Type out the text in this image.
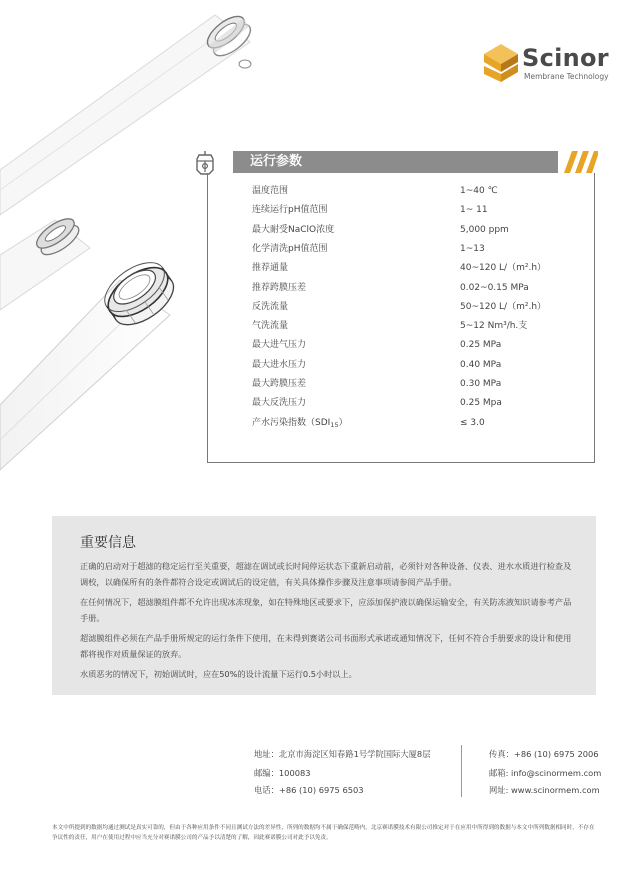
Scinor
Membrane Technology
运行参数
温度范围	1~40 ℃
连续运行pH值范围	1~ 11
最大耐受NaClO浓度	5,000 ppm
化学清洗pH值范围	1~13
推荐通量	40~120 L/（m².h）
推荐跨膜压差	0.02~0.15 MPa
反洗流量	50~120 L/（m².h）
气洗流量	5~12 Nm³/h.支
最大进气压力	0.25 MPa
最大进水压力	0.40 MPa
最大跨膜压差	0.30 MPa
最大反洗压力	0.25 Mpa
产水污染指数$(SDI_{15})$	≤ 3.0
重要信息
正确的启动对于超滤的稳定运行至关重要，超滤在调试或长时间停运状态下重新启动前，必须针对各种设备、仪表、进水水质进行检查及调校，以确保所有的条件都符合设定或调试后的设定值，有关具体操作步骤及注意事项请参阅产品手册。
在任何情况下，超滤膜组件都不允许出现冰冻现象，如在特殊地区或要求下，应添加保护液以确保运输安全，有关防冻液知识请参考产品手册。
超滤膜组件必须在产品手册所规定的运行条件下使用，在未得到赛诺公司书面形式承诺或通知情况下，任何不符合手册要求的设计和使用都将视作对质量保证的放弃。
水质恶劣的情况下，初始调试时，应在50%的设计流量下运行0.5小时以上。
地址：北京市海淀区知春路1号学院国际大厦8层
邮编：100083
电话：+86 (10) 6975 6503
传真：+86 (10) 6975 2006
邮箱: info@scinormem.com
网址: www.scinormem.com
本文中所提到的数据均通过测试是真实可靠的，但由于各种应用条件不同且测试方法的差异性，所列的数据均不属于确保范畴内，北京赛诺膜技术有限公司推定对于在应用中所得到的数据与本文中所列数据相同时，不存在争议性的责任，用户在使用过程中应当充分对赛诺膜公司的产品予以清楚的了解，因此赛诺膜公司对此予以免责。
